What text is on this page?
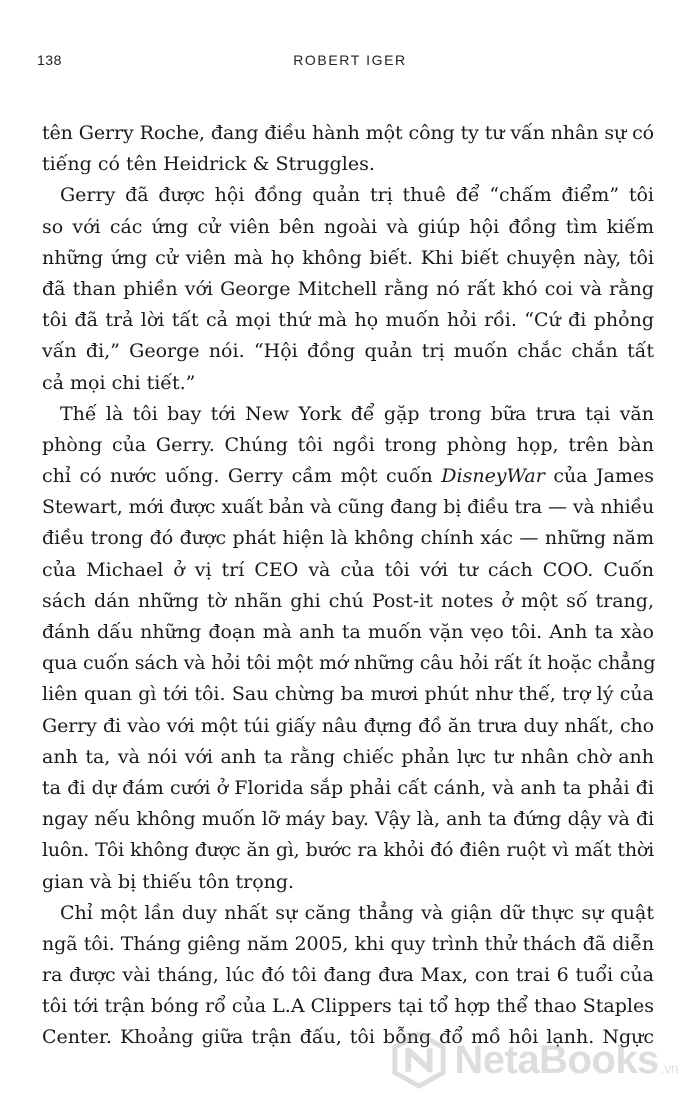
138	ROBERT IGER
tên Gerry Roche, đang điều hành một công ty tư vấn nhân sự có
tiếng có tên Heidrick & Struggles.
Gerry đã được hội đồng quản trị thuê để “chấm điểm” tôi
so với các ứng cử viên bên ngoài và giúp hội đồng tìm kiếm
những ứng cử viên mà họ không biết. Khi biết chuyện này, tôi
đã than phiền với George Mitchell rằng nó rất khó coi và rằng
tôi đã trả lời tất cả mọi thứ mà họ muốn hỏi rồi. “Cứ đi phỏng
vấn đi,” George nói. “Hội đồng quản trị muốn chắc chắn tất
cả mọi chi tiết.”
Thế là tôi bay tới New York để gặp trong bữa trưa tại văn
phòng của Gerry. Chúng tôi ngồi trong phòng họp, trên bàn
chỉ có nước uống. Gerry cầm một cuốn DisneyWar của James
Stewart, mới được xuất bản và cũng đang bị điều tra — và nhiều
điều trong đó được phát hiện là không chính xác — những năm
của Michael ở vị trí CEO và của tôi với tư cách COO. Cuốn
sách dán những tờ nhãn ghi chú Post-it notes ở một số trang,
đánh dấu những đoạn mà anh ta muốn vặn vẹo tôi. Anh ta xào
qua cuốn sách và hỏi tôi một mớ những câu hỏi rất ít hoặc chẳng
liên quan gì tới tôi. Sau chừng ba mươi phút như thế, trợ lý của
Gerry đi vào với một túi giấy nâu đựng đồ ăn trưa duy nhất, cho
anh ta, và nói với anh ta rằng chiếc phản lực tư nhân chờ anh
ta đi dự đám cưới ở Florida sắp phải cất cánh, và anh ta phải đi
ngay nếu không muốn lỡ máy bay. Vậy là, anh ta đứng dậy và đi
luôn. Tôi không được ăn gì, bước ra khỏi đó điên ruột vì mất thời
gian và bị thiếu tôn trọng.
Chỉ một lần duy nhất sự căng thẳng và giận dữ thực sự quật
ngã tôi. Tháng giêng năm 2005, khi quy trình thử thách đã diễn
ra được vài tháng, lúc đó tôi đang đưa Max, con trai 6 tuổi của
tôi tới trận bóng rổ của L.A Clippers tại tổ hợp thể thao Staples
Center. Khoảng giữa trận đấu, tôi bỗng đổ mồ hôi lạnh. Ngực
NetaBooks .vn
